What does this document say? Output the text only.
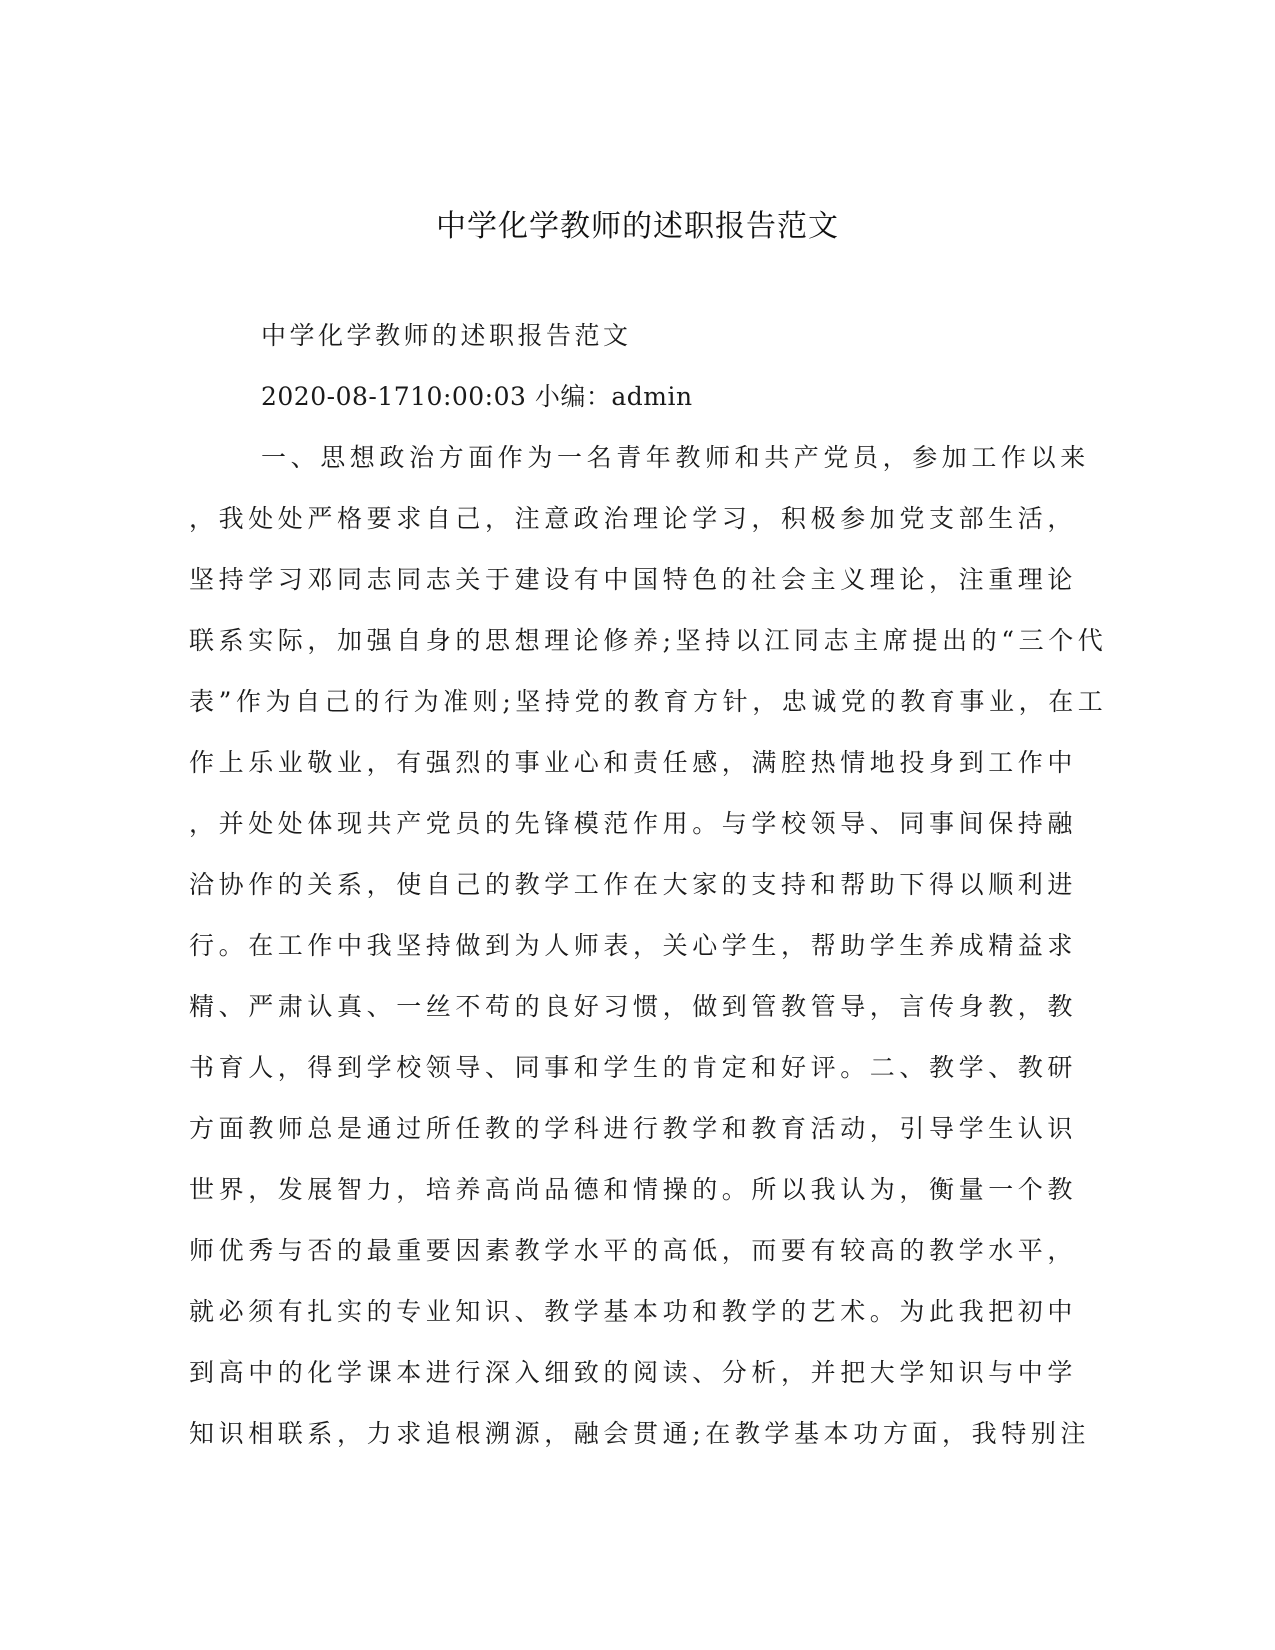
中学化学教师的述职报告范文
中学化学教师的述职报告范文
2020-08-1710:00:03 小编：admin
一、思想政治方面作为一名青年教师和共产党员，参加工作以来
，我处处严格要求自己，注意政治理论学习，积极参加党支部生活，
坚持学习邓同志同志关于建设有中国特色的社会主义理论，注重理论
联系实际，加强自身的思想理论修养;坚持以江同志主席提出的“三个代
表”作为自己的行为准则;坚持党的教育方针，忠诚党的教育事业，在工
作上乐业敬业，有强烈的事业心和责任感，满腔热情地投身到工作中
，并处处体现共产党员的先锋模范作用。与学校领导、同事间保持融
洽协作的关系，使自己的教学工作在大家的支持和帮助下得以顺利进
行。在工作中我坚持做到为人师表，关心学生，帮助学生养成精益求
精、严肃认真、一丝不苟的良好习惯，做到管教管导，言传身教，教
书育人，得到学校领导、同事和学生的肯定和好评。二、教学、教研
方面教师总是通过所任教的学科进行教学和教育活动，引导学生认识
世界，发展智力，培养高尚品德和情操的。所以我认为，衡量一个教
师优秀与否的最重要因素教学水平的高低，而要有较高的教学水平，
就必须有扎实的专业知识、教学基本功和教学的艺术。为此我把初中
到高中的化学课本进行深入细致的阅读、分析，并把大学知识与中学
知识相联系，力求追根溯源，融会贯通;在教学基本功方面，我特别注
